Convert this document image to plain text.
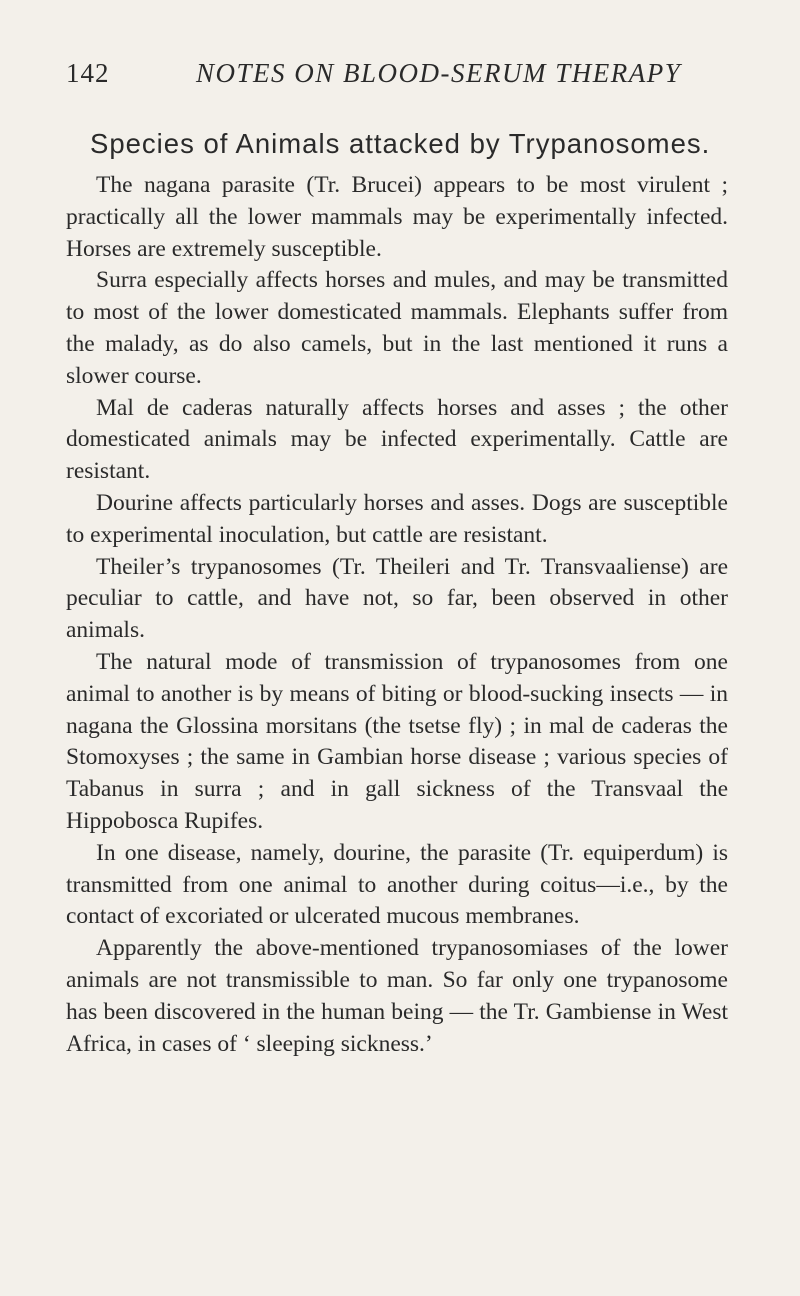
142	NOTES ON BLOOD-SERUM THERAPY
Species of Animals attacked by Trypanosomes.

The nagana parasite (Tr. Brucei) appears to be most virulent ; practically all the lower mammals may be experimentally infected. Horses are extremely susceptible.

Surra especially affects horses and mules, and may be transmitted to most of the lower domesticated mammals. Elephants suffer from the malady, as do also camels, but in the last mentioned it runs a slower course.

Mal de caderas naturally affects horses and asses ; the other domesticated animals may be infected experimentally. Cattle are resistant.

Dourine affects particularly horses and asses. Dogs are susceptible to experimental inoculation, but cattle are resistant.

Theiler’s trypanosomes (Tr. Theileri and Tr. Transvaaliense) are peculiar to cattle, and have not, so far, been observed in other animals.

The natural mode of transmission of trypanosomes from one animal to another is by means of biting or blood-sucking insects — in nagana the Glossina morsitans (the tsetse fly) ; in mal de caderas the Stomoxyses ; the same in Gambian horse disease ; various species of Tabanus in surra ; and in gall sickness of the Transvaal the Hippobosca Rupifes.

In one disease, namely, dourine, the parasite (Tr. equiperdum) is transmitted from one animal to another during coitus—i.e., by the contact of excoriated or ulcerated mucous membranes.

Apparently the above-mentioned trypanosomiases of the lower animals are not transmissible to man. So far only one trypanosome has been discovered in the human being — the Tr. Gambiense in West Africa, in cases of ‘ sleeping sickness.’
